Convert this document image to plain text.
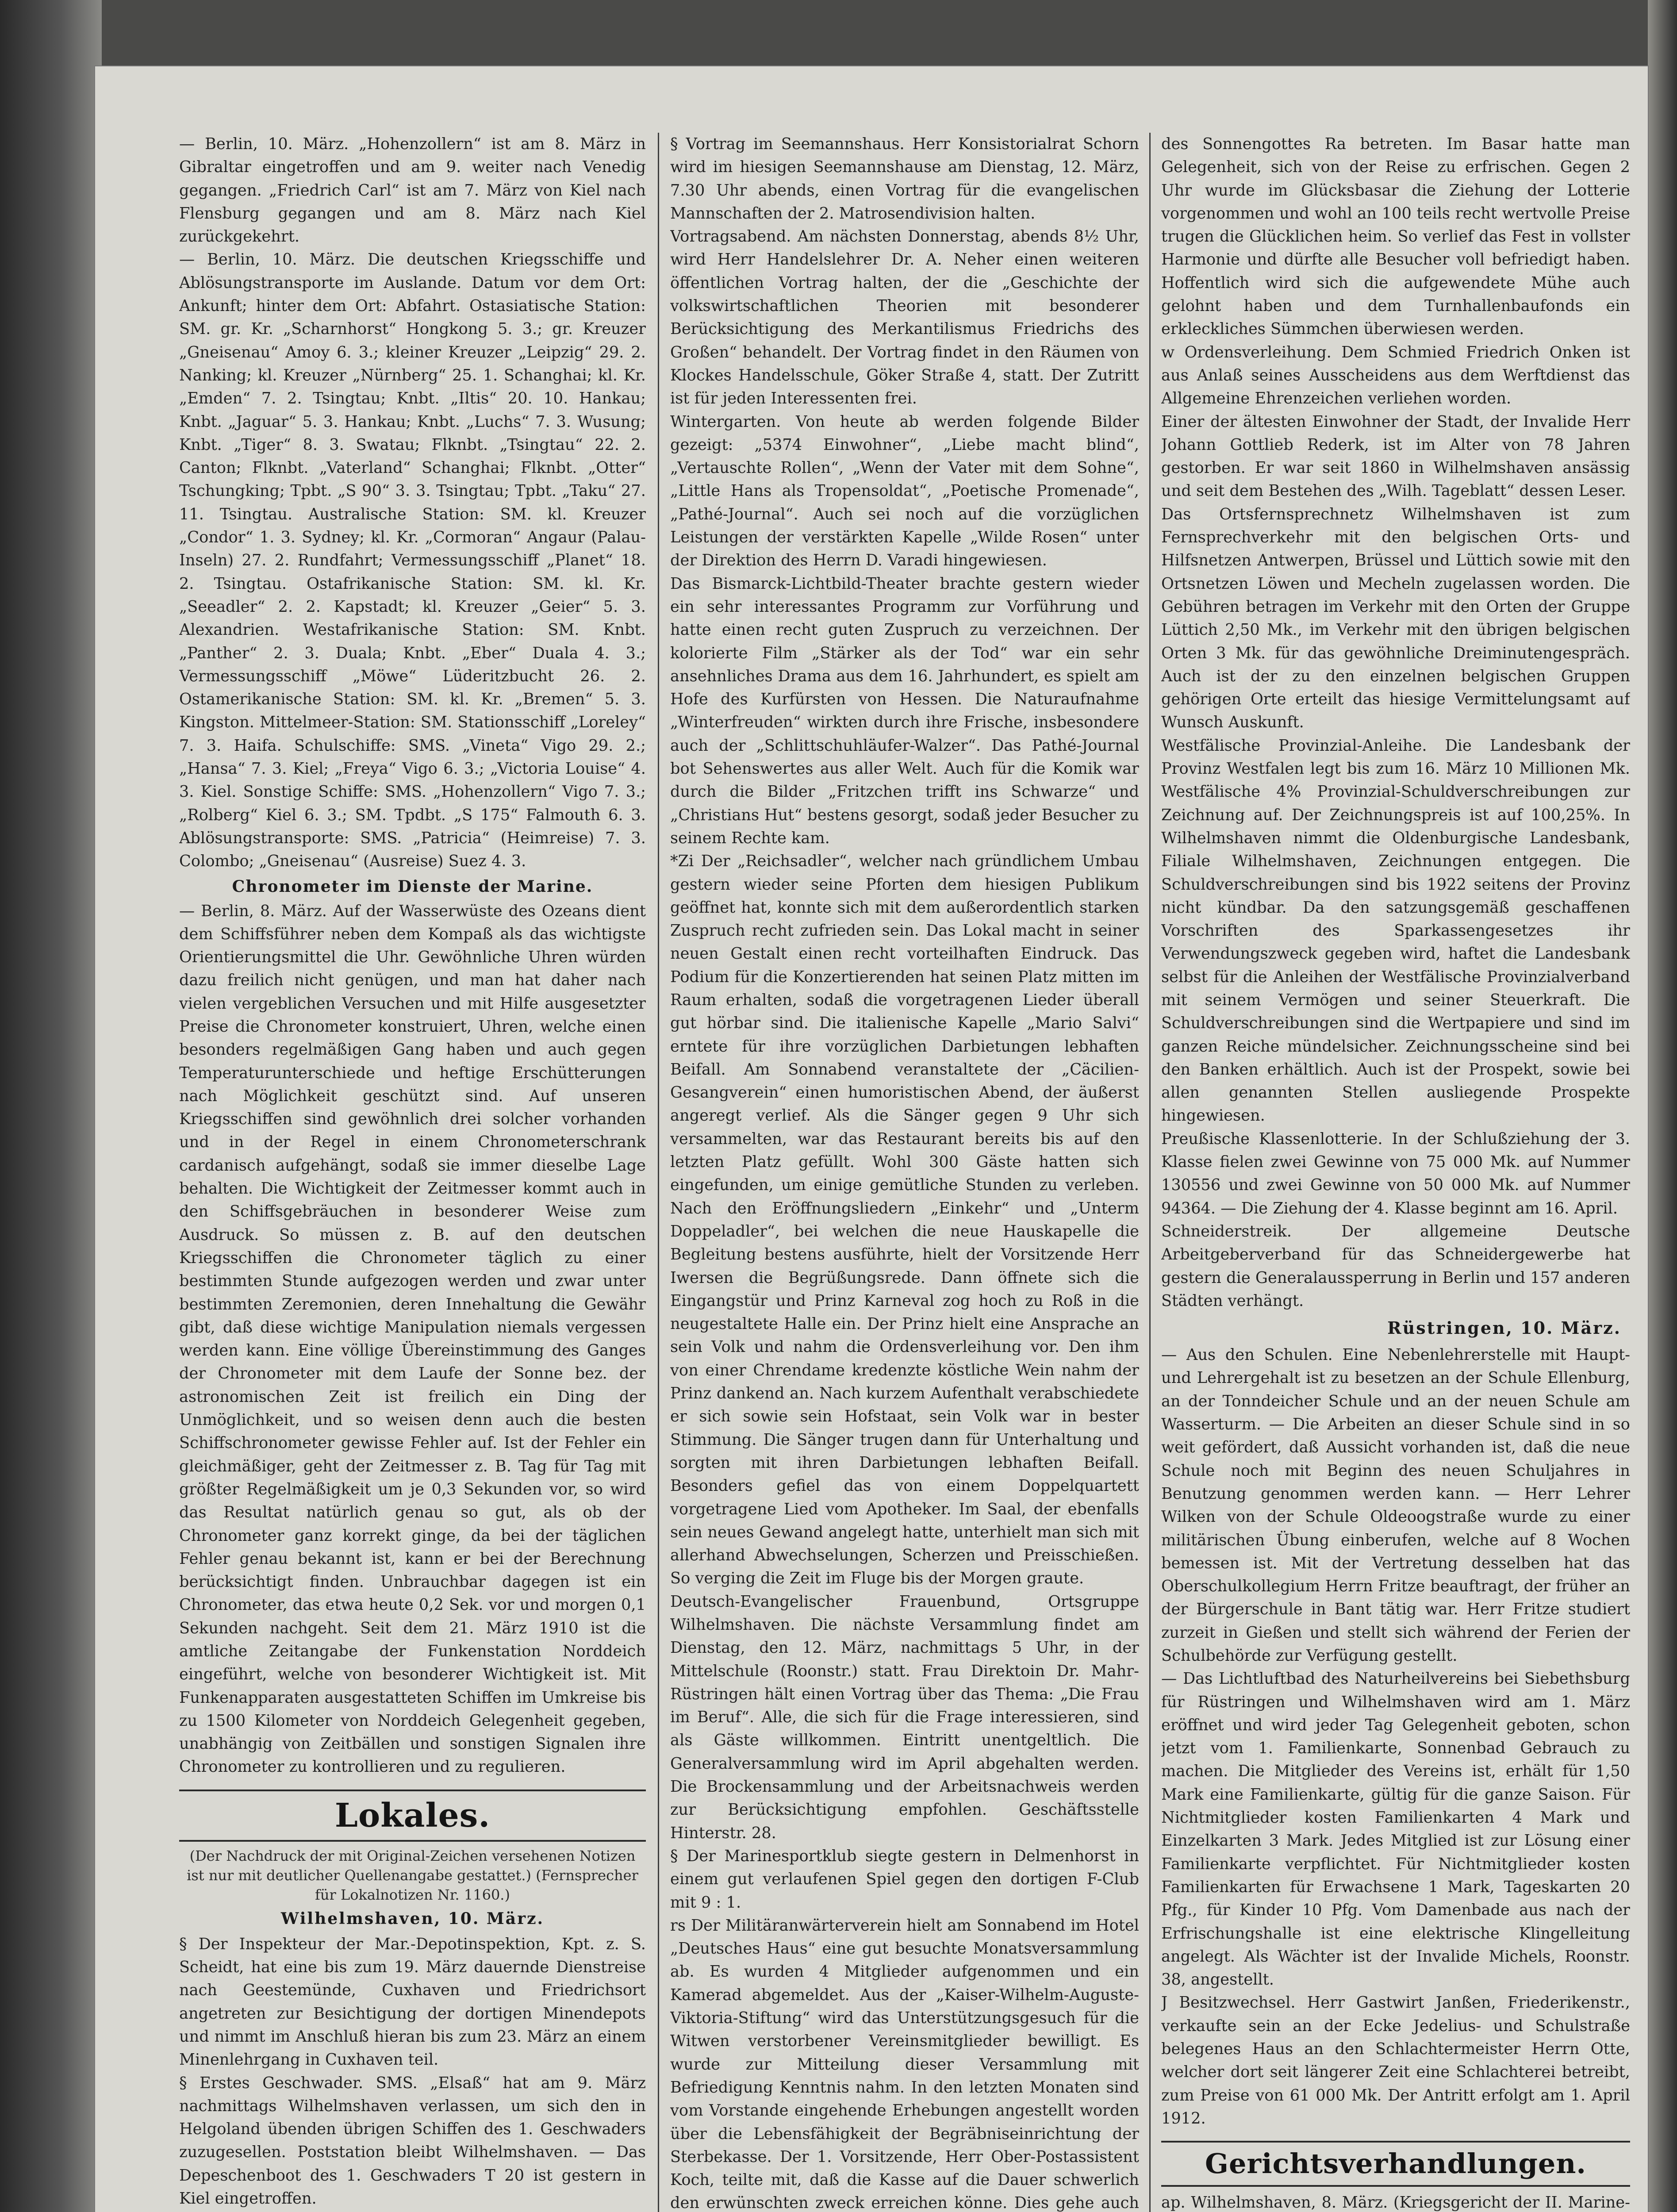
— Berlin, 10. März. „Hohenzollern“ ist am 8. März in Gibraltar eingetroffen und am 9. weiter nach Venedig gegangen. „Friedrich Carl“ ist am 7. März von Kiel nach Flensburg gegangen und am 8. März nach Kiel zurückgekehrt.

— Berlin, 10. März. Die deutschen Kriegsschiffe und Ablösungstransporte im Auslande. Datum vor dem Ort: Ankunft; hinter dem Ort: Abfahrt. Ostasiatische Station: SM. gr. Kr. „Scharnhorst“ Hongkong 5. 3.; gr. Kreuzer „Gneisenau“ Amoy 6. 3.; kleiner Kreuzer „Leipzig“ 29. 2. Nanking; kl. Kreuzer „Nürnberg“ 25. 1. Schanghai; kl. Kr. „Emden“ 7. 2. Tsingtau; Knbt. „Iltis“ 20. 10. Hankau; Knbt. „Jaguar“ 5. 3. Hankau; Knbt. „Luchs“ 7. 3. Wusung; Knbt. „Tiger“ 8. 3. Swatau; Flknbt. „Tsingtau“ 22. 2. Canton; Flknbt. „Vaterland“ Schanghai; Flknbt. „Otter“ Tschungking; Tpbt. „S 90“ 3. 3. Tsingtau; Tpbt. „Taku“ 27. 11. Tsingtau. Australische Station: SM. kl. Kreuzer „Condor“ 1. 3. Sydney; kl. Kr. „Cormoran“ Angaur (Palau-Inseln) 27. 2. Rundfahrt; Vermessungsschiff „Planet“ 18. 2. Tsingtau. Ostafrikanische Station: SM. kl. Kr. „Seeadler“ 2. 2. Kapstadt; kl. Kreuzer „Geier“ 5. 3. Alexandrien. Westafrikanische Station: SM. Knbt. „Panther“ 2. 3. Duala; Knbt. „Eber“ Duala 4. 3.; Vermessungsschiff „Möwe“ Lüderitzbucht 26. 2. Ostamerikanische Station: SM. kl. Kr. „Bremen“ 5. 3. Kingston. Mittelmeer-Station: SM. Stationsschiff „Loreley“ 7. 3. Haifa. Schulschiffe: SMS. „Vineta“ Vigo 29. 2.; „Hansa“ 7. 3. Kiel; „Freya“ Vigo 6. 3.; „Victoria Louise“ 4. 3. Kiel. Sonstige Schiffe: SMS. „Hohenzollern“ Vigo 7. 3.; „Rolberg“ Kiel 6. 3.; SM. Tpdbt. „S 175“ Falmouth 6. 3. Ablösungstransporte: SMS. „Patricia“ (Heimreise) 7. 3. Colombo; „Gneisenau“ (Ausreise) Suez 4. 3.

Chronometer im Dienste der Marine.

— Berlin, 8. März. Auf der Wasserwüste des Ozeans dient dem Schiffsführer neben dem Kompaß als das wichtigste Orientierungsmittel die Uhr. Gewöhnliche Uhren würden dazu freilich nicht genügen, und man hat daher nach vielen vergeblichen Versuchen und mit Hilfe ausgesetzter Preise die Chronometer konstruiert, Uhren, welche einen besonders regelmäßigen Gang haben und auch gegen Temperaturunterschiede und heftige Erschütterungen nach Möglichkeit geschützt sind. Auf unseren Kriegsschiffen sind gewöhnlich drei solcher vorhanden und in der Regel in einem Chronometerschrank cardanisch aufgehängt, sodaß sie immer dieselbe Lage behalten. Die Wichtigkeit der Zeitmesser kommt auch in den Schiffsgebräuchen in besonderer Weise zum Ausdruck. So müssen z. B. auf den deutschen Kriegsschiffen die Chronometer täglich zu einer bestimmten Stunde aufgezogen werden und zwar unter bestimmten Zeremonien, deren Innehaltung die Gewähr gibt, daß diese wichtige Manipulation niemals vergessen werden kann. Eine völlige Übereinstimmung des Ganges der Chronometer mit dem Laufe der Sonne bez. der astronomischen Zeit ist freilich ein Ding der Unmöglichkeit, und so weisen denn auch die besten Schiffschronometer gewisse Fehler auf. Ist der Fehler ein gleichmäßiger, geht der Zeitmesser z. B. Tag für Tag mit größter Regelmäßigkeit um je 0,3 Sekunden vor, so wird das Resultat natürlich genau so gut, als ob der Chronometer ganz korrekt ginge, da bei der täglichen Fehler genau bekannt ist, kann er bei der Berechnung berücksichtigt finden. Unbrauchbar dagegen ist ein Chronometer, das etwa heute 0,2 Sek. vor und morgen 0,1 Sekunden nachgeht. Seit dem 21. März 1910 ist die amtliche Zeitangabe der Funkenstation Norddeich eingeführt, welche von besonderer Wichtigkeit ist. Mit Funkenapparaten ausgestatteten Schiffen im Umkreise bis zu 1500 Kilometer von Norddeich Gelegenheit gegeben, unabhängig von Zeitbällen und sonstigen Signalen ihre Chronometer zu kontrollieren und zu regulieren.

Lokales.
(Der Nachdruck der mit Original-Zeichen versehenen Notizen ist nur mit deutlicher Quellenangabe gestattet.) (Fernsprecher für Lokalnotizen Nr. 1160.)
Wilhelmshaven, 10. März.

§ Der Inspekteur der Mar.-Depotinspektion, Kpt. z. S. Scheidt, hat eine bis zum 19. März dauernde Dienstreise nach Geestemünde, Cuxhaven und Friedrichsort angetreten zur Besichtigung der dortigen Minendepots und nimmt im Anschluß hieran bis zum 23. März an einem Minenlehrgang in Cuxhaven teil.

§ Erstes Geschwader. SMS. „Elsaß“ hat am 9. März nachmittags Wilhelmshaven verlassen, um sich den in Helgoland übenden übrigen Schiffen des 1. Geschwaders zuzugesellen. Poststation bleibt Wilhelmshaven. — Das Depeschenboot des 1. Geschwaders T 20 ist gestern in Kiel eingetroffen.

§ Vortrag im Seemannshaus. Herr Konsistorialrat Schorn wird im hiesigen Seemannshause am Dienstag, 12. März, 7.30 Uhr abends, einen Vortrag für die evangelischen Mannschaften der 2. Matrosendivision halten.

Vortragsabend. Am nächsten Donnerstag, abends 8½ Uhr, wird Herr Handelslehrer Dr. A. Neher einen weiteren öffentlichen Vortrag halten, der die „Geschichte der volkswirtschaftlichen Theorien mit besonderer Berücksichtigung des Merkantilismus Friedrichs des Großen“ behandelt. Der Vortrag findet in den Räumen von Klockes Handelsschule, Göker Straße 4, statt. Der Zutritt ist für jeden Interessenten frei.

Wintergarten. Von heute ab werden folgende Bilder gezeigt: „5374 Einwohner“, „Liebe macht blind“, „Vertauschte Rollen“, „Wenn der Vater mit dem Sohne“, „Little Hans als Tropensoldat“, „Poetische Promenade“, „Pathé-Journal“. Auch sei noch auf die vorzüglichen Leistungen der verstärkten Kapelle „Wilde Rosen“ unter der Direktion des Herrn D. Varadi hingewiesen.

Das Bismarck-Lichtbild-Theater brachte gestern wieder ein sehr interessantes Programm zur Vorführung und hatte einen recht guten Zuspruch zu verzeichnen. Der kolorierte Film „Stärker als der Tod“ war ein sehr ansehnliches Drama aus dem 16. Jahrhundert, es spielt am Hofe des Kurfürsten von Hessen. Die Naturaufnahme „Winterfreuden“ wirkten durch ihre Frische, insbesondere auch der „Schlittschuhläufer-Walzer“. Das Pathé-Journal bot Sehenswertes aus aller Welt. Auch für die Komik war durch die Bilder „Fritzchen trifft ins Schwarze“ und „Christians Hut“ bestens gesorgt, sodaß jeder Besucher zu seinem Rechte kam.

*Zi Der „Reichsadler“, welcher nach gründlichem Umbau gestern wieder seine Pforten dem hiesigen Publikum geöffnet hat, konnte sich mit dem außerordentlich starken Zuspruch recht zufrieden sein. Das Lokal macht in seiner neuen Gestalt einen recht vorteilhaften Eindruck. Das Podium für die Konzertierenden hat seinen Platz mitten im Raum erhalten, sodaß die vorgetragenen Lieder überall gut hörbar sind. Die italienische Kapelle „Mario Salvi“ erntete für ihre vorzüglichen Darbietungen lebhaften Beifall. Am Sonnabend veranstaltete der „Cäcilien-Gesangverein“ einen humoristischen Abend, der äußerst angeregt verlief. Als die Sänger gegen 9 Uhr sich versammelten, war das Restaurant bereits bis auf den letzten Platz gefüllt. Wohl 300 Gäste hatten sich eingefunden, um einige gemütliche Stunden zu verleben. Nach den Eröffnungsliedern „Einkehr“ und „Unterm Doppeladler“, bei welchen die neue Hauskapelle die Begleitung bestens ausführte, hielt der Vorsitzende Herr Iwersen die Begrüßungsrede. Dann öffnete sich die Eingangstür und Prinz Karneval zog hoch zu Roß in die neugestaltete Halle ein. Der Prinz hielt eine Ansprache an sein Volk und nahm die Ordensverleihung vor. Den ihm von einer Chrendame kredenzte köstliche Wein nahm der Prinz dankend an. Nach kurzem Aufenthalt verabschiedete er sich sowie sein Hofstaat, sein Volk war in bester Stimmung. Die Sänger trugen dann für Unterhaltung und sorgten mit ihren Darbietungen lebhaften Beifall. Besonders gefiel das von einem Doppelquartett vorgetragene Lied vom Apotheker. Im Saal, der ebenfalls sein neues Gewand angelegt hatte, unterhielt man sich mit allerhand Abwechselungen, Scherzen und Preisschießen. So verging die Zeit im Fluge bis der Morgen graute.

Deutsch-Evangelischer Frauenbund, Ortsgruppe Wilhelmshaven. Die nächste Versammlung findet am Dienstag, den 12. März, nachmittags 5 Uhr, in der Mittelschule (Roonstr.) statt. Frau Direktoin Dr. Mahr-Rüstringen hält einen Vortrag über das Thema: „Die Frau im Beruf“. Alle, die sich für die Frage interessieren, sind als Gäste willkommen. Eintritt unentgeltlich. Die Generalversammlung wird im April abgehalten werden. Die Brockensammlung und der Arbeitsnachweis werden zur Berücksichtigung empfohlen. Geschäftsstelle Hinterstr. 28.

§ Der Marinesportklub siegte gestern in Delmenhorst in einem gut verlaufenen Spiel gegen den dortigen F-Club mit 9 : 1.

rs Der Militäranwärterverein hielt am Sonnabend im Hotel „Deutsches Haus“ eine gut besuchte Monatsversammlung ab. Es wurden 4 Mitglieder aufgenommen und ein Kamerad abgemeldet. Aus der „Kaiser-Wilhelm-Auguste-Viktoria-Stiftung“ wird das Unterstützungsgesuch für die Witwen verstorbener Vereinsmitglieder bewilligt. Es wurde zur Mitteilung dieser Versammlung mit Befriedigung Kenntnis nahm. In den letzten Monaten sind vom Vorstande eingehende Erhebungen angestellt worden über die Lebensfähigkeit der Begräbniseinrichtung der Sterbekasse. Der 1. Vorsitzende, Herr Ober-Postassistent Koch, teilte mit, daß die Kasse auf die Dauer schwerlich den erwünschten zweck erreichen könne. Dies gehe auch

des Sonnengottes Ra betreten. Im Basar hatte man Gelegenheit, sich von der Reise zu erfrischen. Gegen 2 Uhr wurde im Glücksbasar die Ziehung der Lotterie vorgenommen und wohl an 100 teils recht wertvolle Preise trugen die Glücklichen heim. So verlief das Fest in vollster Harmonie und dürfte alle Besucher voll befriedigt haben. Hoffentlich wird sich die aufgewendete Mühe auch gelohnt haben und dem Turnhallenbaufonds ein erkleckliches Sümmchen überwiesen werden.

w Ordensverleihung. Dem Schmied Friedrich Onken ist aus Anlaß seines Ausscheidens aus dem Werftdienst das Allgemeine Ehrenzeichen verliehen worden.

Einer der ältesten Einwohner der Stadt, der Invalide Herr Johann Gottlieb Rederk, ist im Alter von 78 Jahren gestorben. Er war seit 1860 in Wilhelmshaven ansässig und seit dem Bestehen des „Wilh. Tageblatt“ dessen Leser.

Das Ortsfernsprechnetz Wilhelmshaven ist zum Fernsprechverkehr mit den belgischen Orts- und Hilfsnetzen Antwerpen, Brüssel und Lüttich sowie mit den Ortsnetzen Löwen und Mecheln zugelassen worden. Die Gebühren betragen im Verkehr mit den Orten der Gruppe Lüttich 2,50 Mk., im Verkehr mit den übrigen belgischen Orten 3 Mk. für das gewöhnliche Dreiminutengespräch. Auch ist der zu den einzelnen belgischen Gruppen gehörigen Orte erteilt das hiesige Vermittelungsamt auf Wunsch Auskunft.

Westfälische Provinzial-Anleihe. Die Landesbank der Provinz Westfalen legt bis zum 16. März 10 Millionen Mk. Westfälische 4% Provinzial-Schuldverschreibungen zur Zeichnung auf. Der Zeichnungspreis ist auf 100,25%. In Wilhelmshaven nimmt die Oldenburgische Landesbank, Filiale Wilhelmshaven, Zeichnungen entgegen. Die Schuldverschreibungen sind bis 1922 seitens der Provinz nicht kündbar. Da den satzungsgemäß geschaffenen Vorschriften des Sparkassengesetzes ihr Verwendungszweck gegeben wird, haftet die Landesbank selbst für die Anleihen der Westfälische Provinzialverband mit seinem Vermögen und seiner Steuerkraft. Die Schuldverschreibungen sind die Wertpapiere und sind im ganzen Reiche mündelsicher. Zeichnungsscheine sind bei den Banken erhältlich. Auch ist der Prospekt, sowie bei allen genannten Stellen ausliegende Prospekte hingewiesen.

Preußische Klassenlotterie. In der Schlußziehung der 3. Klasse fielen zwei Gewinne von 75 000 Mk. auf Nummer 130556 und zwei Gewinne von 50 000 Mk. auf Nummer 94364. — Die Ziehung der 4. Klasse beginnt am 16. April.

Schneiderstreik. Der allgemeine Deutsche Arbeitgeberverband für das Schneidergewerbe hat gestern die Generalaussperrung in Berlin und 157 anderen Städten verhängt.

Rüstringen, 10. März.

— Aus den Schulen. Eine Nebenlehrerstelle mit Haupt- und Lehrergehalt ist zu besetzen an der Schule Ellenburg, an der Tonndeicher Schule und an der neuen Schule am Wasserturm. — Die Arbeiten an dieser Schule sind in so weit gefördert, daß Aussicht vorhanden ist, daß die neue Schule noch mit Beginn des neuen Schuljahres in Benutzung genommen werden kann. — Herr Lehrer Wilken von der Schule Oldeoogstraße wurde zu einer militärischen Übung einberufen, welche auf 8 Wochen bemessen ist. Mit der Vertretung desselben hat das Oberschulkollegium Herrn Fritze beauftragt, der früher an der Bürgerschule in Bant tätig war. Herr Fritze studiert zurzeit in Gießen und stellt sich während der Ferien der Schulbehörde zur Verfügung gestellt.

— Das Lichtluftbad des Naturheilvereins bei Siebethsburg für Rüstringen und Wilhelmshaven wird am 1. März eröffnet und wird jeder Tag Gelegenheit geboten, schon jetzt vom 1. Familienkarte, Sonnenbad Gebrauch zu machen. Die Mitglieder des Vereins ist, erhält für 1,50 Mark eine Familienkarte, gültig für die ganze Saison. Für Nichtmitglieder kosten Familienkarten 4 Mark und Einzelkarten 3 Mark. Jedes Mitglied ist zur Lösung einer Familienkarte verpflichtet. Für Nichtmitglieder kosten Familienkarten für Erwachsene 1 Mark, Tageskarten 20 Pfg., für Kinder 10 Pfg. Vom Damenbade aus nach der Erfrischungshalle ist eine elektrische Klingelleitung angelegt. Als Wächter ist der Invalide Michels, Roonstr. 38, angestellt.

J Besitzwechsel. Herr Gastwirt Janßen, Friederikenstr., verkaufte sein an der Ecke Jedelius- und Schulstraße belegenes Haus an den Schlachtermeister Herrn Otte, welcher dort seit längerer Zeit eine Schlachterei betreibt, zum Preise von 61 000 Mk. Der Antritt erfolgt am 1. April 1912.

Gerichtsverhandlungen.

ap. Wilhelmshaven, 8. März. (Kriegsgericht der II. Marine-
